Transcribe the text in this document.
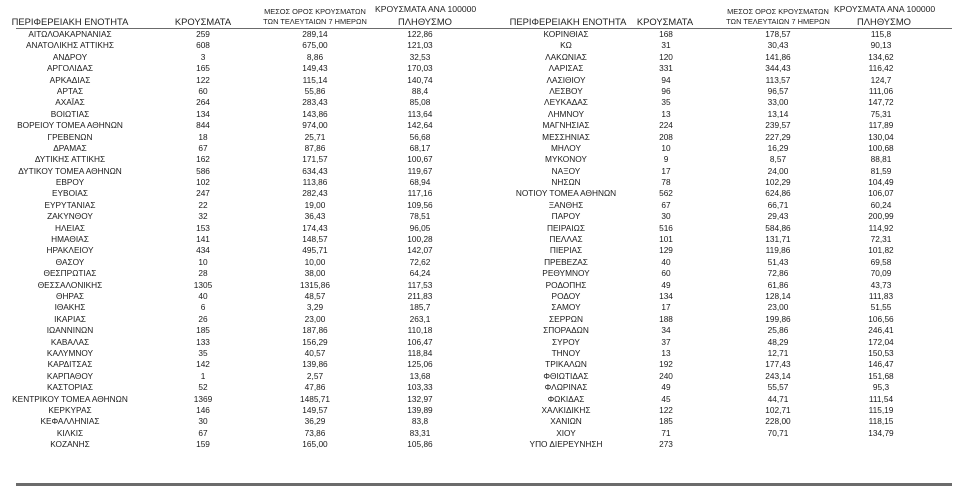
ΠΕΡΙΦΕΡΕΙΑΚΗ ΕΝΟΤΗΤΑ	ΚΡΟΥΣΜΑΤΑ
ΜΕΣΟΣ ΟΡΟΣ ΚΡΟΥΣΜΑΤΩΝ
ΤΩΝ ΤΕΛΕΥΤΑΙΩΝ 7 ΗΜΕΡΩΝ
ΚΡΟΥΣΜΑΤΑ ΑΝΑ 100000
ΠΛΗΘΥΣΜΟ	ΠΕΡΙΦΕΡΕΙΑΚΗ ΕΝΟΤΗΤΑ	ΚΡΟΥΣΜΑΤΑ
ΜΕΣΟΣ ΟΡΟΣ ΚΡΟΥΣΜΑΤΩΝ
ΤΩΝ ΤΕΛΕΥΤΑΙΩΝ 7 ΗΜΕΡΩΝ
ΚΡΟΥΣΜΑΤΑ ΑΝΑ 100000
ΠΛΗΘΥΣΜΟ
ΑΙΤΩΛΟΑΚΑΡΝΑΝΙΑΣ	259	289,14	122,86
ΑΝΑΤΟΛΙΚΗΣ ΑΤΤΙΚΗΣ	608	675,00	121,03
ΑΝΔΡΟΥ	3	8,86	32,53
ΑΡΓΟΛΙΔΑΣ	165	149,43	170,03
ΑΡΚΑΔΙΑΣ	122	115,14	140,74
ΑΡΤΑΣ	60	55,86	88,4
ΑΧΑΪΑΣ	264	283,43	85,08
ΒΟΙΩΤΙΑΣ	134	143,86	113,64
ΒΟΡΕΙΟΥ ΤΟΜΕΑ ΑΘΗΝΩΝ	844	974,00	142,64
ΓΡΕΒΕΝΩΝ	18	25,71	56,68
ΔΡΑΜΑΣ	67	87,86	68,17
ΔΥΤΙΚΗΣ ΑΤΤΙΚΗΣ	162	171,57	100,67
ΔΥΤΙΚΟΥ ΤΟΜΕΑ ΑΘΗΝΩΝ	586	634,43	119,67
ΕΒΡΟΥ	102	113,86	68,94
ΕΥΒΟΙΑΣ	247	282,43	117,16
ΕΥΡΥΤΑΝΙΑΣ	22	19,00	109,56
ΖΑΚΥΝΘΟΥ	32	36,43	78,51
ΗΛΕΙΑΣ	153	174,43	96,05
ΗΜΑΘΙΑΣ	141	148,57	100,28
ΗΡΑΚΛΕΙΟΥ	434	495,71	142,07
ΘΑΣΟΥ	10	10,00	72,62
ΘΕΣΠΡΩΤΙΑΣ	28	38,00	64,24
ΘΕΣΣΑΛΟΝΙΚΗΣ	1305	1315,86	117,53
ΘΗΡΑΣ	40	48,57	211,83
ΙΘΑΚΗΣ	6	3,29	185,7
ΙΚΑΡΙΑΣ	26	23,00	263,1
ΙΩΑΝΝΙΝΩΝ	185	187,86	110,18
ΚΑΒΑΛΑΣ	133	156,29	106,47
ΚΑΛΥΜΝΟΥ	35	40,57	118,84
ΚΑΡΔΙΤΣΑΣ	142	139,86	125,06
ΚΑΡΠΑΘΟΥ	1	2,57	13,68
ΚΑΣΤΟΡΙΑΣ	52	47,86	103,33
ΚΕΝΤΡΙΚΟΥ ΤΟΜΕΑ ΑΘΗΝΩΝ	1369	1485,71	132,97
ΚΕΡΚΥΡΑΣ	146	149,57	139,89
ΚΕΦΑΛΛΗΝΙΑΣ	30	36,29	83,8
ΚΙΛΚΙΣ	67	73,86	83,31
ΚΟΖΑΝΗΣ	159	165,00	105,86
ΚΟΡΙΝΘΙΑΣ	168	178,57	115,8
ΚΩ	31	30,43	90,13
ΛΑΚΩΝΙΑΣ	120	141,86	134,62
ΛΑΡΙΣΑΣ	331	344,43	116,42
ΛΑΣΙΘΙΟΥ	94	113,57	124,7
ΛΕΣΒΟΥ	96	96,57	111,06
ΛΕΥΚΑΔΑΣ	35	33,00	147,72
ΛΗΜΝΟΥ	13	13,14	75,31
ΜΑΓΝΗΣΙΑΣ	224	239,57	117,89
ΜΕΣΣΗΝΙΑΣ	208	227,29	130,04
ΜΗΛΟΥ	10	16,29	100,68
ΜΥΚΟΝΟΥ	9	8,57	88,81
ΝΑΞΟΥ	17	24,00	81,59
ΝΗΣΩΝ	78	102,29	104,49
ΝΟΤΙΟΥ ΤΟΜΕΑ ΑΘΗΝΩΝ	562	624,86	106,07
ΞΑΝΘΗΣ	67	66,71	60,24
ΠΑΡΟΥ	30	29,43	200,99
ΠΕΙΡΑΙΩΣ	516	584,86	114,92
ΠΕΛΛΑΣ	101	131,71	72,31
ΠΙΕΡΙΑΣ	129	119,86	101,82
ΠΡΕΒΕΖΑΣ	40	51,43	69,58
ΡΕΘΥΜΝΟΥ	60	72,86	70,09
ΡΟΔΟΠΗΣ	49	61,86	43,73
ΡΟΔΟΥ	134	128,14	111,83
ΣΑΜΟΥ	17	23,00	51,55
ΣΕΡΡΩΝ	188	199,86	106,56
ΣΠΟΡΑΔΩΝ	34	25,86	246,41
ΣΥΡΟΥ	37	48,29	172,04
ΤΗΝΟΥ	13	12,71	150,53
ΤΡΙΚΑΛΩΝ	192	177,43	146,47
ΦΘΙΩΤΙΔΑΣ	240	243,14	151,68
ΦΛΩΡΙΝΑΣ	49	55,57	95,3
ΦΩΚΙΔΑΣ	45	44,71	111,54
ΧΑΛΚΙΔΙΚΗΣ	122	102,71	115,19
ΧΑΝΙΩΝ	185	228,00	118,15
ΧΙΟΥ	71	70,71	134,79
ΥΠΟ ΔΙΕΡΕΥΝΗΣΗ	273
